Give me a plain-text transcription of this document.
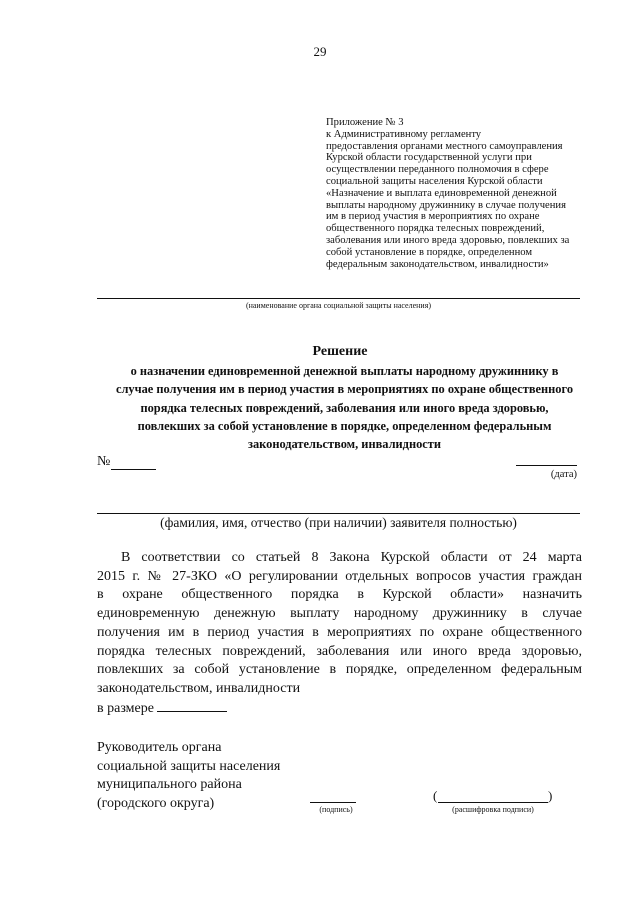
29
Приложение № 3
к Административному регламенту
предоставления органами местного самоуправления
Курской области государственной услуги при
осуществлении переданного полномочия в сфере
социальной защиты населения Курской области
«Назначение и выплата единовременной денежной
выплаты народному дружиннику в случае получения
им в период участия в мероприятиях по охране
общественного порядка телесных повреждений,
заболевания или иного вреда здоровью, повлекших за
собой установление в порядке, определенном
федеральным законодательством, инвалидности»
(наименование органа социальной защиты населения)
Решение
о назначении единовременной денежной выплаты народному дружиннику в
случае получения им в период участия в мероприятиях по охране общественного
порядка телесных повреждений, заболевания или иного вреда здоровью,
повлекших за собой установление в порядке, определенном федеральным
законодательством, инвалидности
№
(дата)
(фамилия, имя, отчество (при наличии) заявителя полностью)
В соответствии со статьей 8 Закона Курской области от 24 марта
2015 г. № 27-ЗКО «О регулировании отдельных вопросов участия граждан
в охране общественного порядка в Курской области» назначить
единовременную денежную выплату народному дружиннику в случае
получения им в период участия в мероприятиях по охране общественного
порядка телесных повреждений, заболевания или иного вреда здоровью,
повлекших за собой установление в порядке, определенном федеральным
законодательством, инвалидности
в размере
Руководитель органа
социальной защиты населения
муниципального района
(городского округа)	(подпись)
(	)
(расшифровка подписи)
